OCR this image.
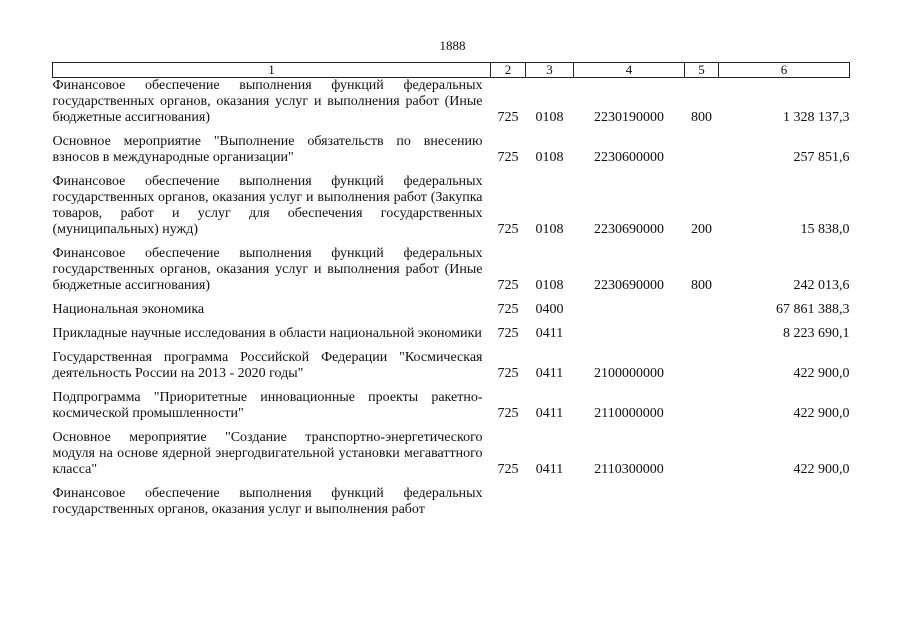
1888
1	2	3	4	5	6
Финансовое обеспечение выполнения функций федеральных государственных органов, оказания услуг и выполнения работ (Иные бюджетные ассигнования)	725	0108	2230190000	800	1 328 137,3
Основное мероприятие "Выполнение обязательств по внесению взносов в международные организации"	725	0108	2230600000		257 851,6
Финансовое обеспечение выполнения функций федеральных государственных органов, оказания услуг и выполнения работ (Закупка товаров, работ и услуг для обеспечения государственных (муниципальных) нужд)	725	0108	2230690000	200	15 838,0
Финансовое обеспечение выполнения функций федеральных государственных органов, оказания услуг и выполнения работ (Иные бюджетные ассигнования)	725	0108	2230690000	800	242 013,6
Национальная экономика	725	0400			67 861 388,3
Прикладные научные исследования в области национальной экономики	725	0411			8 223 690,1
Государственная программа Российской Федерации "Космическая деятельность России на 2013 - 2020 годы"	725	0411	2100000000		422 900,0
Подпрограмма "Приоритетные инновационные проекты ракетно-космической промышленности"	725	0411	2110000000		422 900,0
Основное мероприятие "Создание транспортно-энергетического модуля на основе ядерной энергодвигательной установки мегаваттного класса"	725	0411	2110300000		422 900,0
Финансовое обеспечение выполнения функций федеральных государственных органов, оказания услуг и выполнения работ					
